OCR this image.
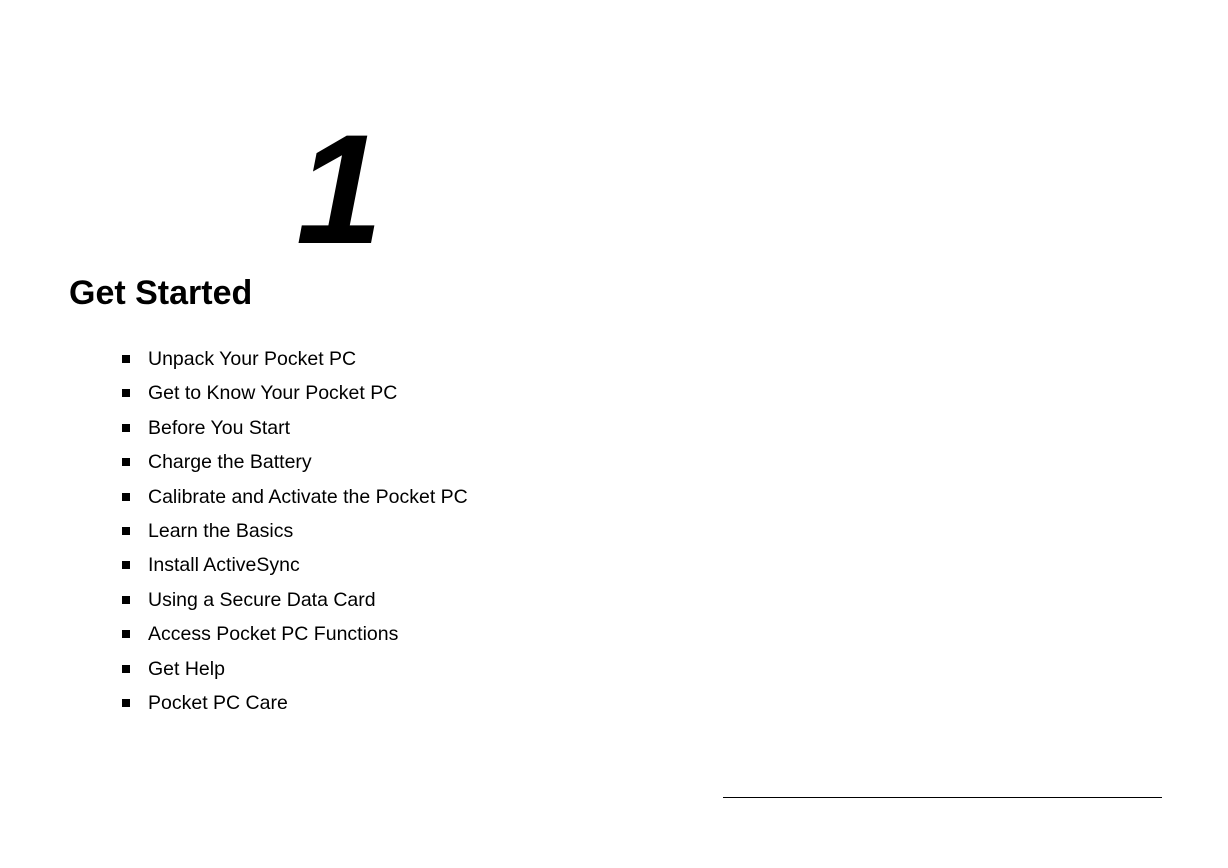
1
Get Started
Unpack Your Pocket PC
Get to Know Your Pocket PC
Before You Start
Charge the Battery
Calibrate and Activate the Pocket PC
Learn the Basics
Install ActiveSync
Using a Secure Data Card
Access Pocket PC Functions
Get Help
Pocket PC Care
